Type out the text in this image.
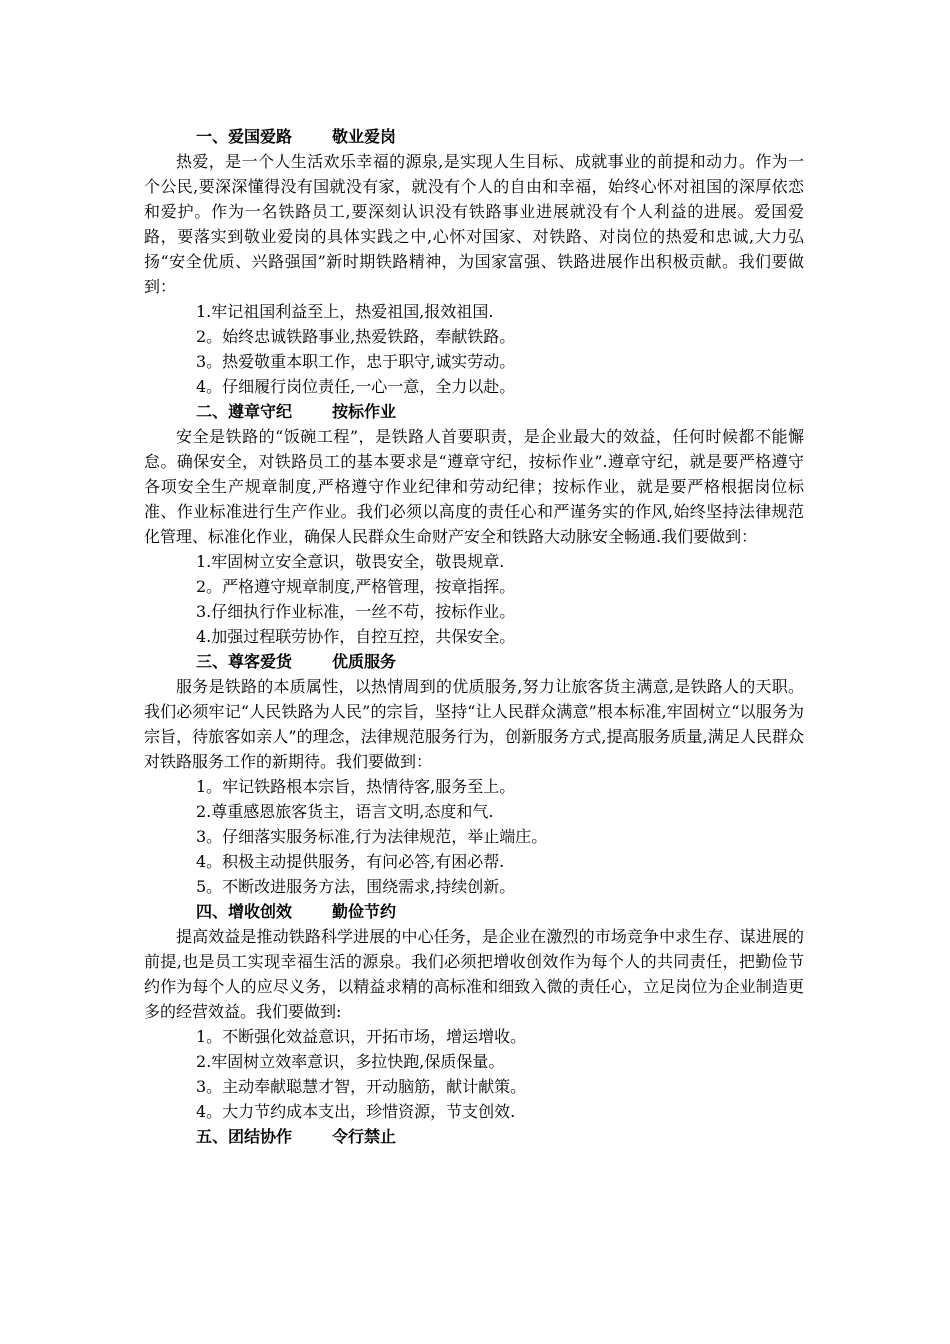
一、爱国爱路	敬业爱岗

热爱，是一个人生活欢乐幸福的源泉,是实现人生目标、成就事业的前提和动力。作为一个公民,要深深懂得没有国就没有家，就没有个人的自由和幸福，始终心怀对祖国的深厚依恋和爱护。作为一名铁路员工,要深刻认识没有铁路事业进展就没有个人利益的进展。爱国爱路，要落实到敬业爱岗的具体实践之中,心怀对国家、对铁路、对岗位的热爱和忠诚,大力弘扬“安全优质、兴路强国”新时期铁路精神，为国家富强、铁路进展作出积极贡献。我们要做到：

1.牢记祖国利益至上，热爱祖国,报效祖国.
2。始终忠诚铁路事业,热爱铁路，奉献铁路。
3。热爱敬重本职工作，忠于职守,诚实劳动。
4。仔细履行岗位责任,一心一意，全力以赴。
二、遵章守纪	按标作业

安全是铁路的“饭碗工程”，是铁路人首要职责，是企业最大的效益，任何时候都不能懈怠。确保安全，对铁路员工的基本要求是“遵章守纪，按标作业”.遵章守纪，就是要严格遵守各项安全生产规章制度,严格遵守作业纪律和劳动纪律；按标作业，就是要严格根据岗位标准、作业标准进行生产作业。我们必须以高度的责任心和严谨务实的作风,始终坚持法律规范化管理、标准化作业，确保人民群众生命财产安全和铁路大动脉安全畅通.我们要做到：

1.牢固树立安全意识，敬畏安全，敬畏规章.
2。严格遵守规章制度,严格管理，按章指挥。
3.仔细执行作业标准，一丝不苟，按标作业。
4.加强过程联劳协作，自控互控，共保安全。
三、尊客爱货	优质服务

服务是铁路的本质属性，以热情周到的优质服务,努力让旅客货主满意,是铁路人的天职。我们必须牢记“人民铁路为人民”的宗旨，坚持“让人民群众满意”根本标准,牢固树立“以服务为宗旨，待旅客如亲人”的理念，法律规范服务行为，创新服务方式,提高服务质量,满足人民群众对铁路服务工作的新期待。我们要做到：

1。牢记铁路根本宗旨，热情待客,服务至上。
2.尊重感恩旅客货主，语言文明,态度和气.
3。仔细落实服务标准,行为法律规范，举止端庄。
4。积极主动提供服务，有问必答,有困必帮.
5。不断改进服务方法，围绕需求,持续创新。
四、增收创效	勤俭节约

提高效益是推动铁路科学进展的中心任务，是企业在激烈的市场竞争中求生存、谋进展的前提,也是员工实现幸福生活的源泉。我们必须把增收创效作为每个人的共同责任，把勤俭节约作为每个人的应尽义务，以精益求精的高标准和细致入微的责任心，立足岗位为企业制造更多的经营效益。我们要做到:

1。不断强化效益意识，开拓市场，增运增收。
2.牢固树立效率意识，多拉快跑,保质保量。
3。主动奉献聪慧才智，开动脑筋，献计献策。
4。大力节约成本支出，珍惜资源，节支创效.
五、团结协作	令行禁止
